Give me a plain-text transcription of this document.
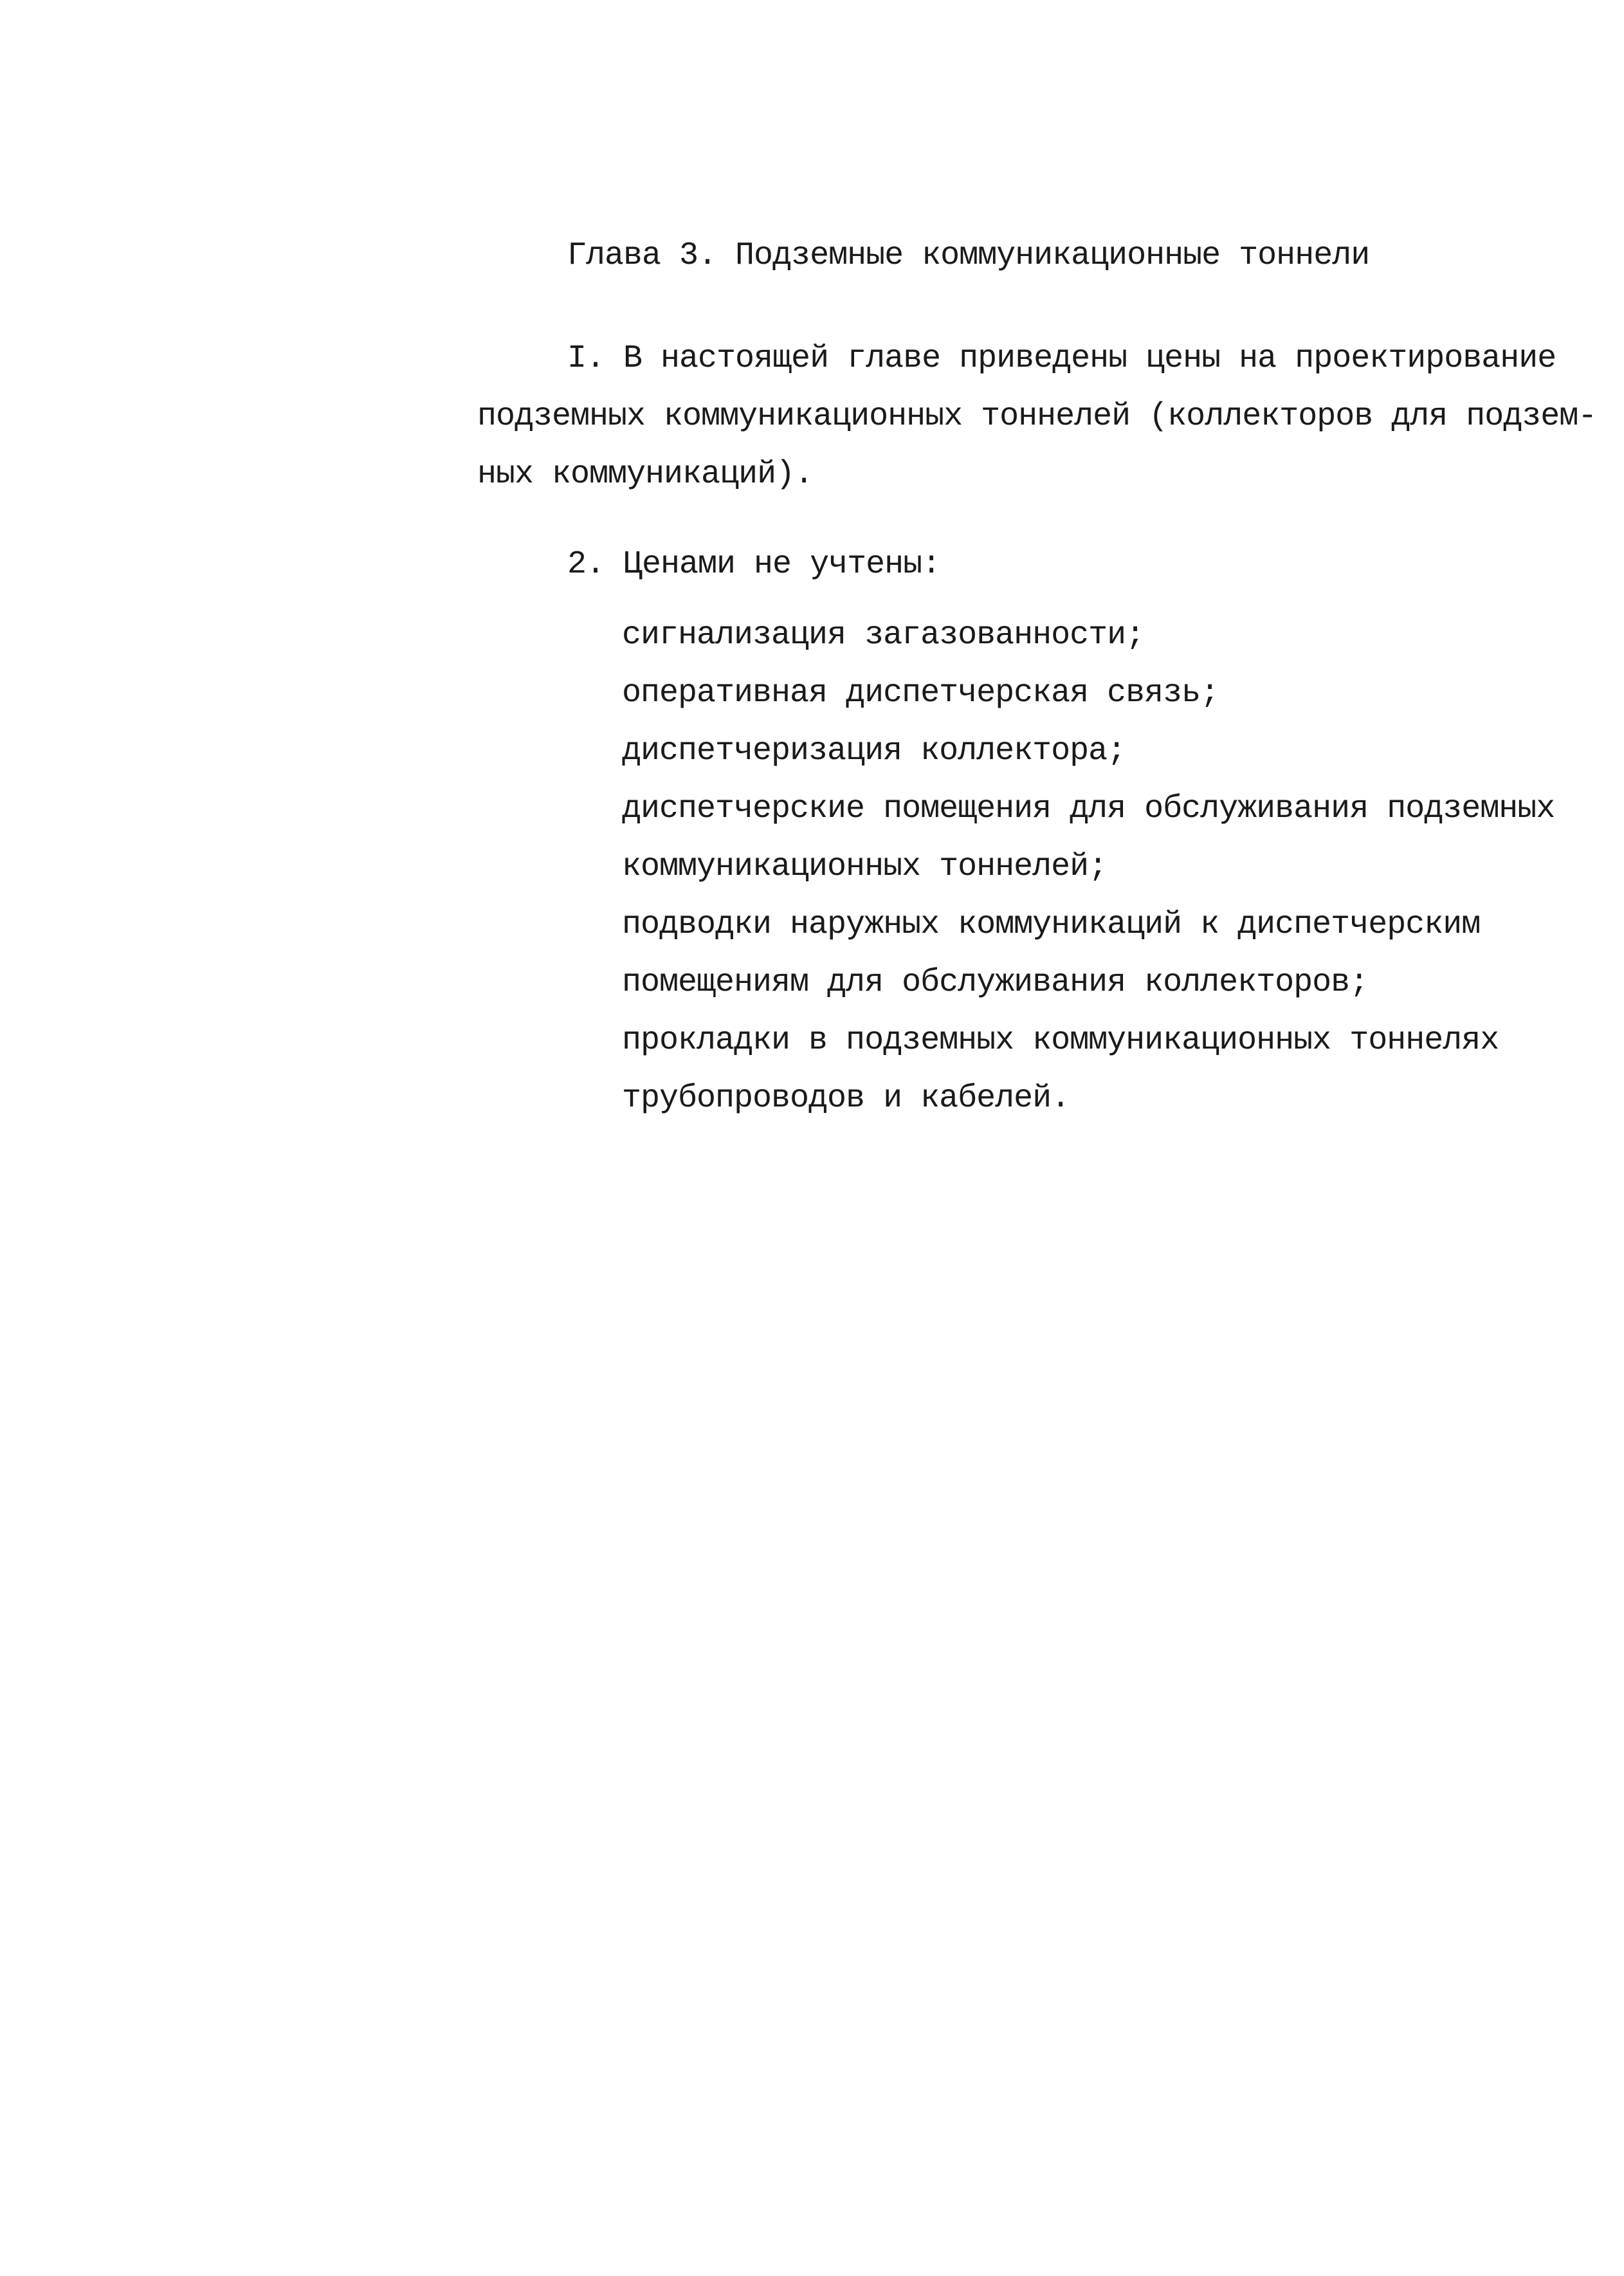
Глава 3. Подземные коммуникационные тоннели
I. В настоящей главе приведены цены на проектирование
подземных коммуникационных тоннелей (коллекторов для подзем-
ных коммуникаций).
2. Ценами не учтены:
сигнализация загазованности;
оперативная диспетчерская связь;
диспетчеризация коллектора;
диспетчерские помещения для обслуживания подземных
коммуникационных тоннелей;
подводки наружных коммуникаций к диспетчерским
помещениям для обслуживания коллекторов;
прокладки в подземных коммуникационных тоннелях
трубопроводов и кабелей.
